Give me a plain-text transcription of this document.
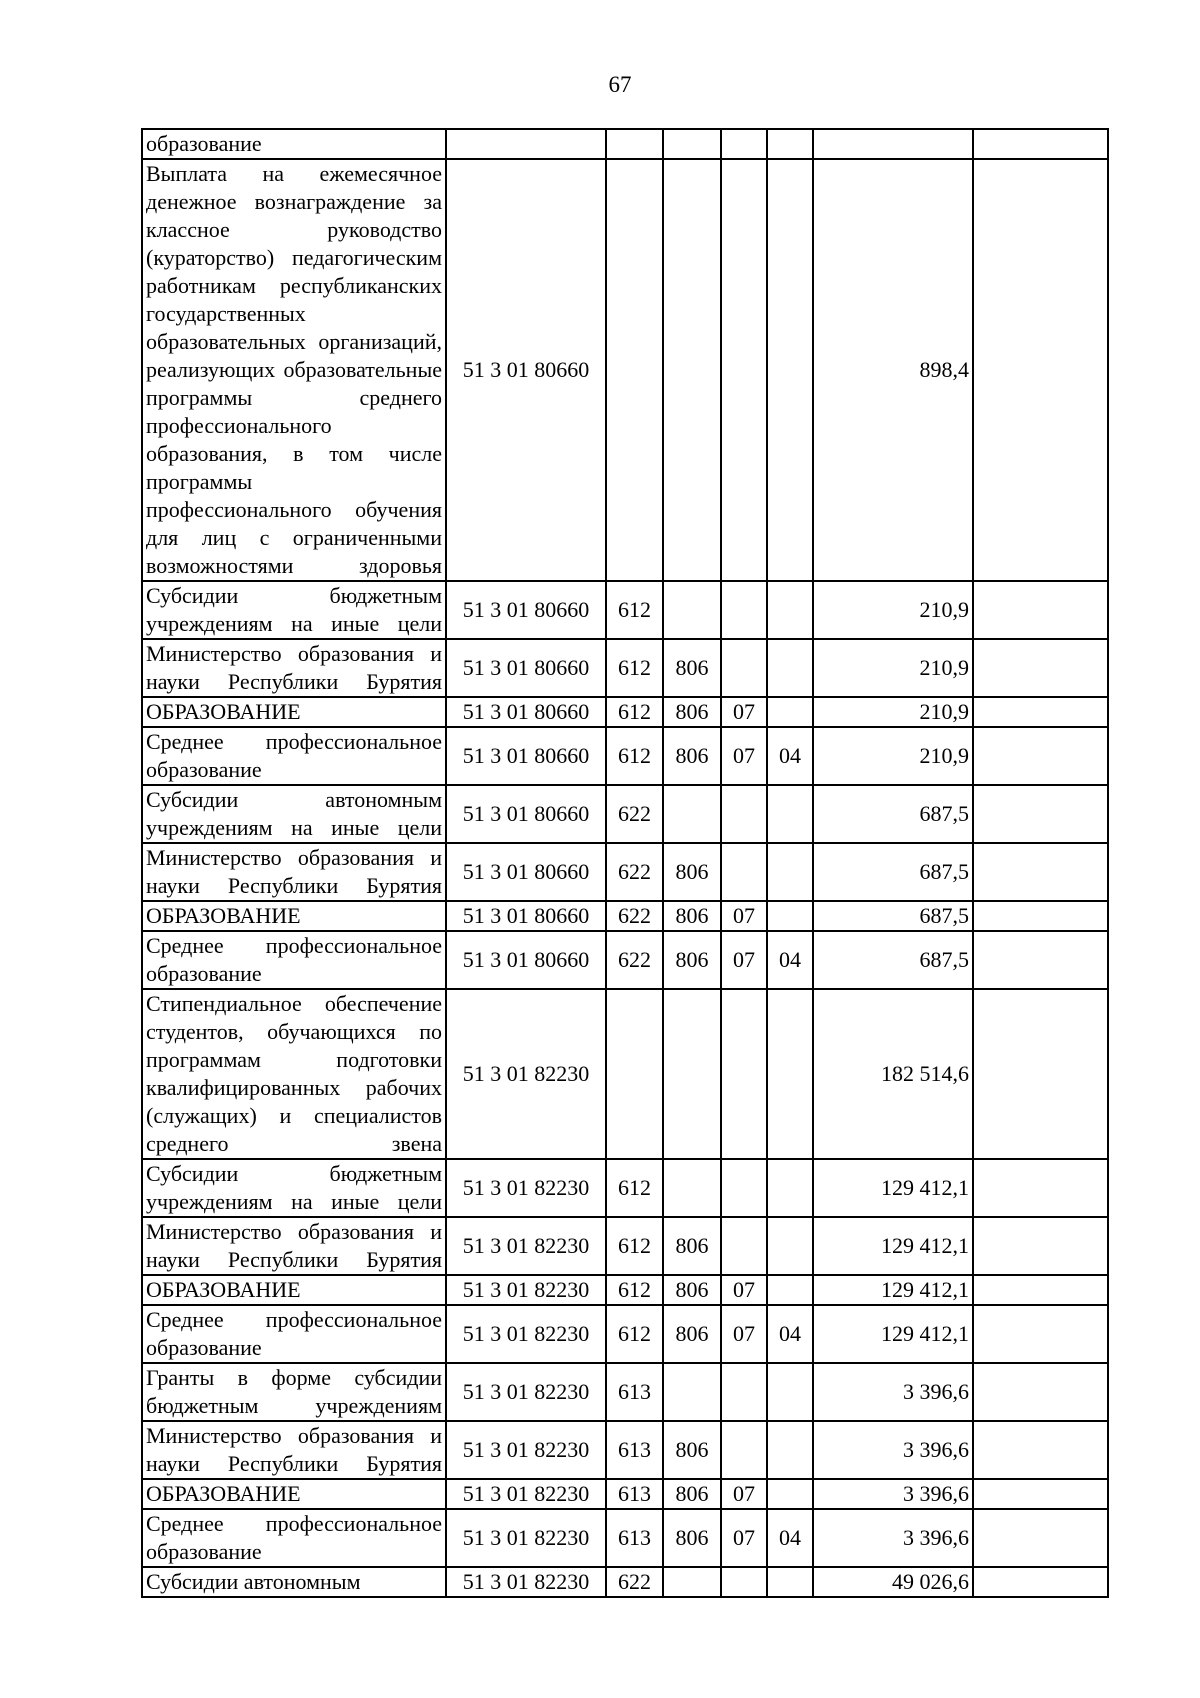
67
образование							
Выплата на ежемесячное денежное вознаграждение за классное руководство (кураторство) педагогическим работникам республиканских государственных образовательных организаций, реализующих образовательные программы среднего профессионального образования, в том числе программы профессионального обучения для лиц с ограниченными возможностями здоровья	51 3 01 80660					898,4	
Субсидии бюджетным учреждениям на иные цели	51 3 01 80660	612				210,9	
Министерство образования и науки Республики Бурятия	51 3 01 80660	612	806			210,9	
ОБРАЗОВАНИЕ	51 3 01 80660	612	806	07		210,9	
Среднее профессиональное образование	51 3 01 80660	612	806	07	04	210,9	
Субсидии автономным учреждениям на иные цели	51 3 01 80660	622				687,5	
Министерство образования и науки Республики Бурятия	51 3 01 80660	622	806			687,5	
ОБРАЗОВАНИЕ	51 3 01 80660	622	806	07		687,5	
Среднее профессиональное образование	51 3 01 80660	622	806	07	04	687,5	
Стипендиальное обеспечение студентов, обучающихся по программам подготовки квалифицированных рабочих (служащих) и специалистов среднего звена	51 3 01 82230					182 514,6	
Субсидии бюджетным учреждениям на иные цели	51 3 01 82230	612				129 412,1	
Министерство образования и науки Республики Бурятия	51 3 01 82230	612	806			129 412,1	
ОБРАЗОВАНИЕ	51 3 01 82230	612	806	07		129 412,1	
Среднее профессиональное образование	51 3 01 82230	612	806	07	04	129 412,1	
Гранты в форме субсидии бюджетным учреждениям	51 3 01 82230	613				3 396,6	
Министерство образования и науки Республики Бурятия	51 3 01 82230	613	806			3 396,6	
ОБРАЗОВАНИЕ	51 3 01 82230	613	806	07		3 396,6	
Среднее профессиональное образование	51 3 01 82230	613	806	07	04	3 396,6	
Субсидии автономным	51 3 01 82230	622				49 026,6	
